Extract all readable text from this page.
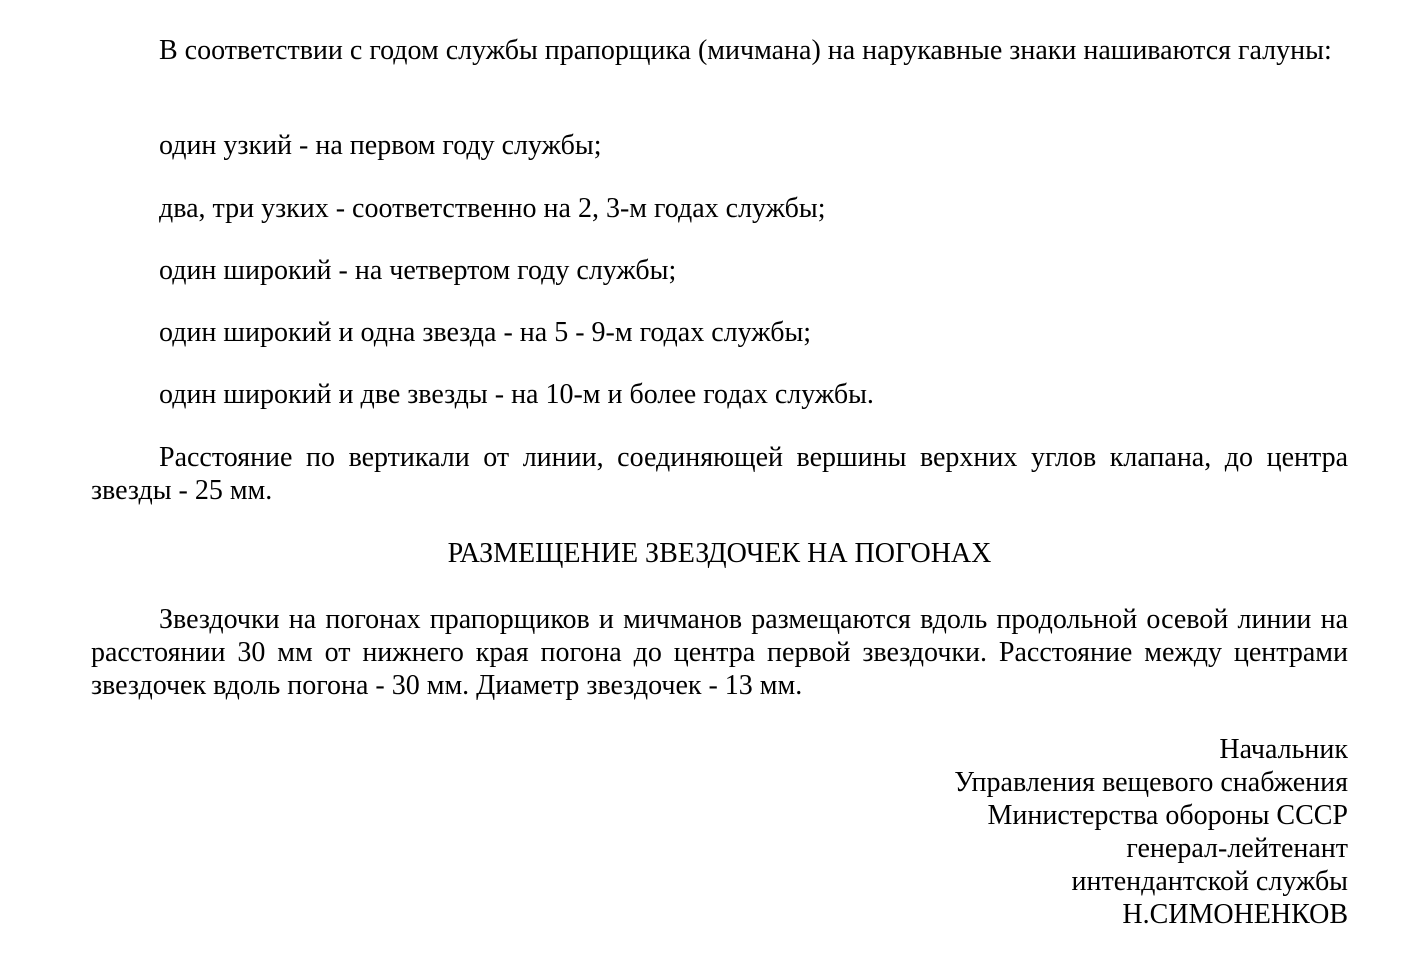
В соответствии с годом службы прапорщика (мичмана) на нарукавные знаки нашиваются галуны:

один узкий - на первом году службы;

два, три узких - соответственно на 2, 3-м годах службы;

один широкий - на четвертом году службы;

один широкий и одна звезда - на 5 - 9-м годах службы;

один широкий и две звезды - на 10-м и более годах службы.

Расстояние по вертикали от линии, соединяющей вершины верхних углов клапана, до центра звезды - 25 мм.

РАЗМЕЩЕНИЕ ЗВЕЗДОЧЕК НА ПОГОНАХ

Звездочки на погонах прапорщиков и мичманов размещаются вдоль продольной осевой линии на расстоянии 30 мм от нижнего края погона до центра первой звездочки. Расстояние между центрами звездочек вдоль погона - 30 мм. Диаметр звездочек - 13 мм.

Начальник
Управления вещевого снабжения
Министерства обороны СССР
генерал-лейтенант
интендантской службы
Н.СИМОНЕНКОВ
